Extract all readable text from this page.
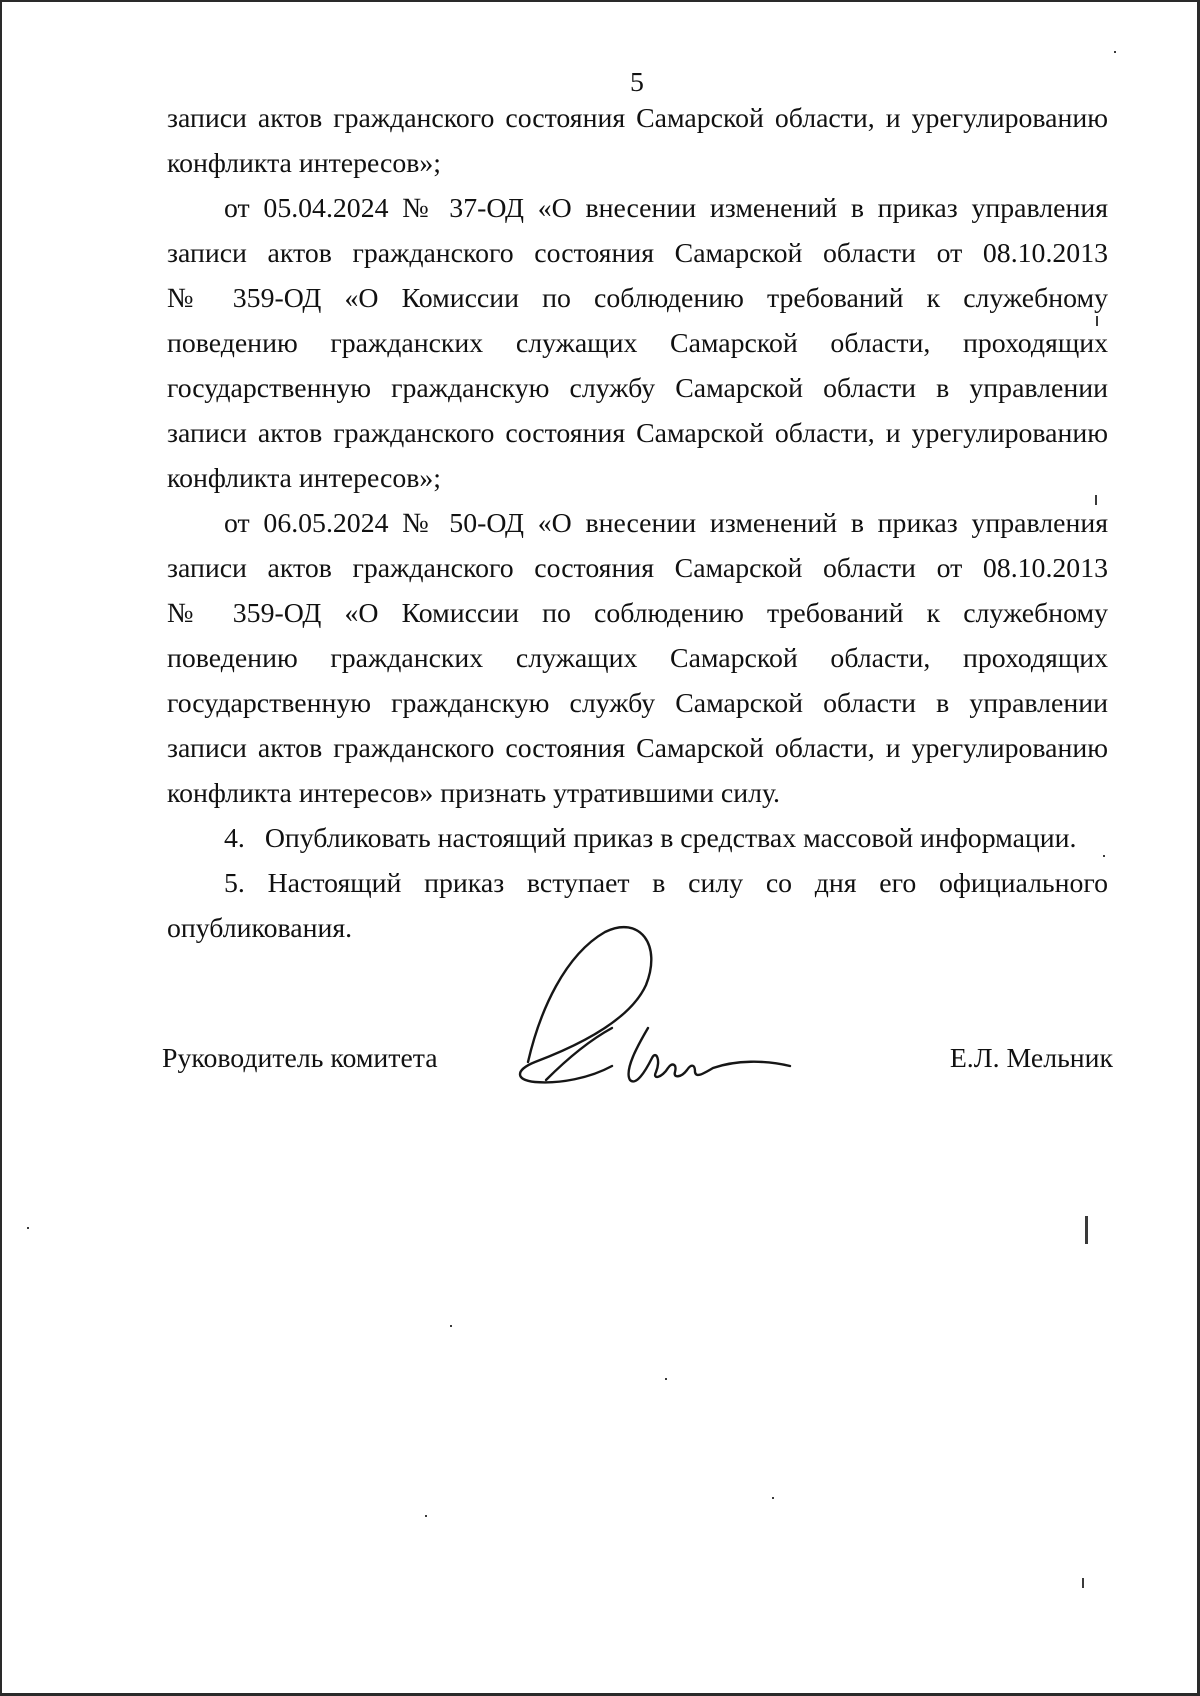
5
записи актов гражданского состояния Самарской области, и урегулированию
конфликта интересов»;
от 05.04.2024 № 37-ОД «О внесении изменений в приказ управления
записи актов гражданского состояния Самарской области от 08.10.2013
№ 359-ОД «О Комиссии по соблюдению требований к служебному
поведению гражданских служащих Самарской области, проходящих
государственную гражданскую службу Самарской области в управлении
записи актов гражданского состояния Самарской области, и урегулированию
конфликта интересов»;
от 06.05.2024 № 50-ОД «О внесении изменений в приказ управления
записи актов гражданского состояния Самарской области от 08.10.2013
№ 359-ОД «О Комиссии по соблюдению требований к служебному
поведению гражданских служащих Самарской области, проходящих
государственную гражданскую службу Самарской области в управлении
записи актов гражданского состояния Самарской области, и урегулированию
конфликта интересов» признать утратившими силу.
4. Опубликовать настоящий приказ в средствах массовой информации.
5. Настоящий приказ вступает в силу со дня его официального
опубликования.
Руководитель комитета	Е.Л. Мельник
